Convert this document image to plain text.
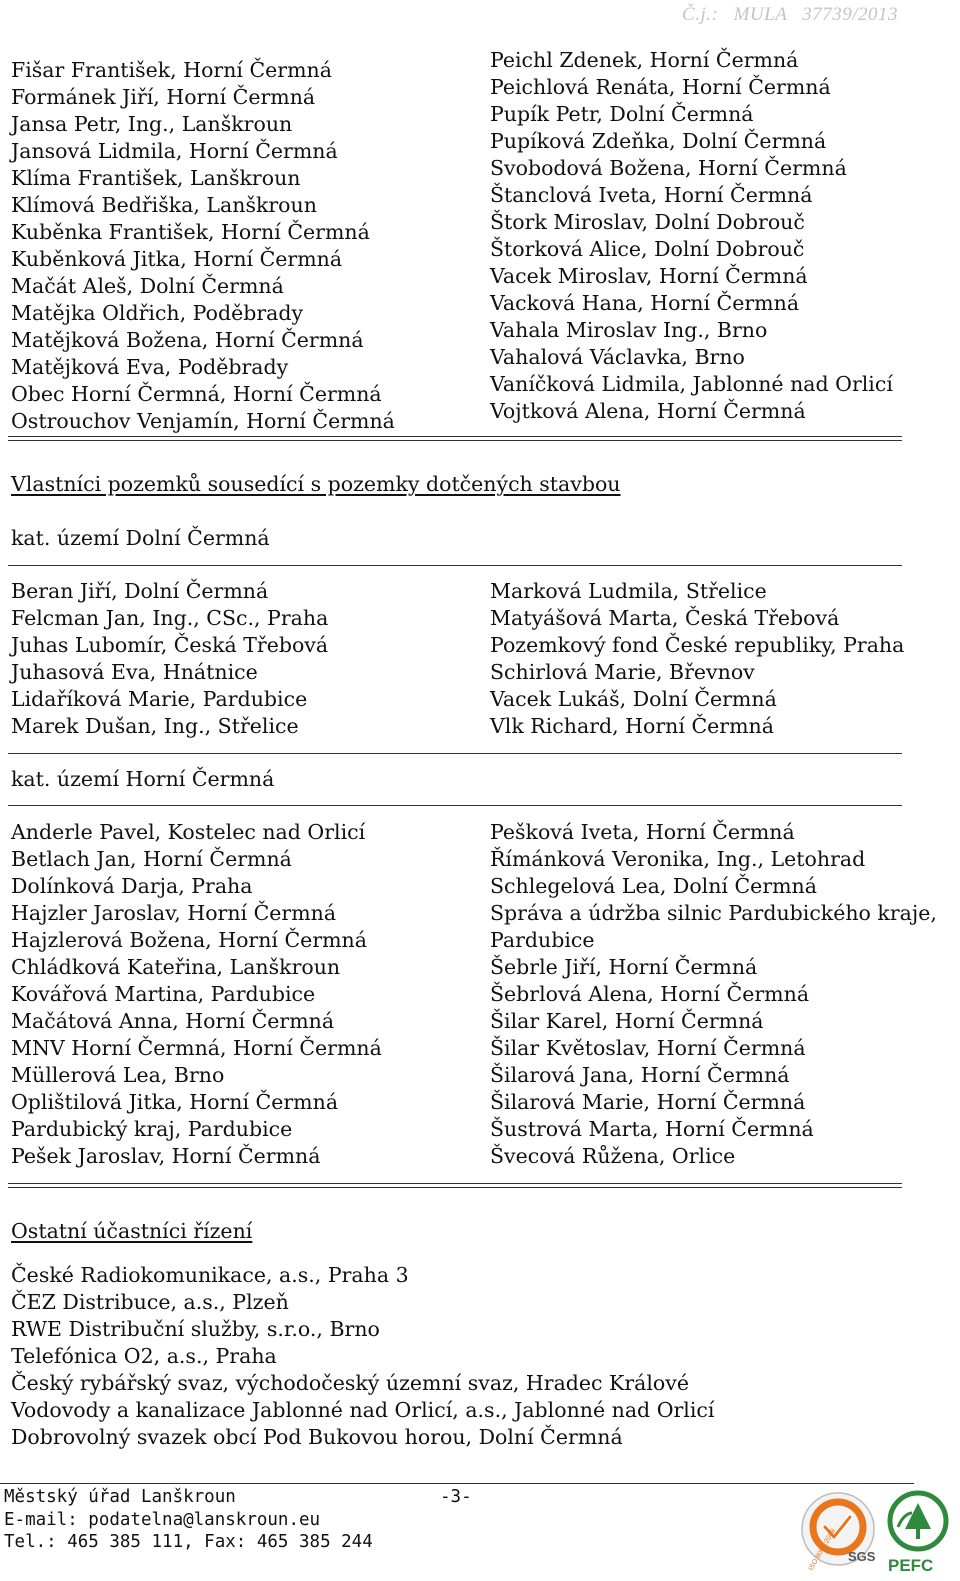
Č.j.: MULA 37739/2013
Fišar František, Horní Čermná
Formánek Jiří, Horní Čermná
Jansa Petr, Ing., Lanškroun
Jansová Lidmila, Horní Čermná
Klíma František, Lanškroun
Klímová Bedřiška, Lanškroun
Kuběnka František, Horní Čermná
Kuběnková Jitka, Horní Čermná
Mačát Aleš, Dolní Čermná
Matějka Oldřich, Poděbrady
Matějková Božena, Horní Čermná
Matějková Eva, Poděbrady
Obec Horní Čermná, Horní Čermná
Ostrouchov Venjamín, Horní Čermná
Peichl Zdenek, Horní Čermná
Peichlová Renáta, Horní Čermná
Pupík Petr, Dolní Čermná
Pupíková Zdeňka, Dolní Čermná
Svobodová Božena, Horní Čermná
Štanclová Iveta, Horní Čermná
Štork Miroslav, Dolní Dobrouč
Štorková Alice, Dolní Dobrouč
Vacek Miroslav, Horní Čermná
Vacková Hana, Horní Čermná
Vahala Miroslav Ing., Brno
Vahalová Václavka, Brno
Vaníčková Lidmila, Jablonné nad Orlicí
Vojtková Alena, Horní Čermná
Vlastníci pozemků sousedící s pozemky dotčených stavbou
kat. území Dolní Čermná
Beran Jiří, Dolní Čermná
Felcman Jan, Ing., CSc., Praha
Juhas Lubomír, Česká Třebová
Juhasová Eva, Hnátnice
Lidaříková Marie, Pardubice
Marek Dušan, Ing., Střelice
Marková Ludmila, Střelice
Matyášová Marta, Česká Třebová
Pozemkový fond České republiky, Praha
Schirlová Marie, Břevnov
Vacek Lukáš, Dolní Čermná
Vlk Richard, Horní Čermná
kat. území Horní Čermná
Anderle Pavel, Kostelec nad Orlicí
Betlach Jan, Horní Čermná
Dolínková Darja, Praha
Hajzler Jaroslav, Horní Čermná
Hajzlerová Božena, Horní Čermná
Chládková Kateřina, Lanškroun
Kovářová Martina, Pardubice
Mačátová Anna, Horní Čermná
MNV Horní Čermná, Horní Čermná
Müllerová Lea, Brno
Oplištilová Jitka, Horní Čermná
Pardubický kraj, Pardubice
Pešek Jaroslav, Horní Čermná
Pešková Iveta, Horní Čermná
Římánková Veronika, Ing., Letohrad
Schlegelová Lea, Dolní Čermná
Správa a údržba silnic Pardubického kraje,
Pardubice
Šebrle Jiří, Horní Čermná
Šebrlová Alena, Horní Čermná
Šilar Karel, Horní Čermná
Šilar Květoslav, Horní Čermná
Šilarová Jana, Horní Čermná
Šilarová Marie, Horní Čermná
Šustrová Marta, Horní Čermná
Švecová Růžena, Orlice
Ostatní účastníci řízení
České Radiokomunikace, a.s., Praha 3
ČEZ Distribuce, a.s., Plzeň
RWE Distribuční služby, s.r.o., Brno
Telefónica O2, a.s., Praha
Český rybářský svaz, východočeský územní svaz, Hradec Králové
Vodovody a kanalizace Jablonné nad Orlicí, a.s., Jablonné nad Orlicí
Dobrovolný svazek obcí Pod Bukovou horou, Dolní Čermná
Městský úřad Lanškroun
E-mail: podatelna@lanskroun.eu
Tel.: 465 385 111, Fax: 465 385 244
-3-
SGS
ISO 9001:2008	PEFC
